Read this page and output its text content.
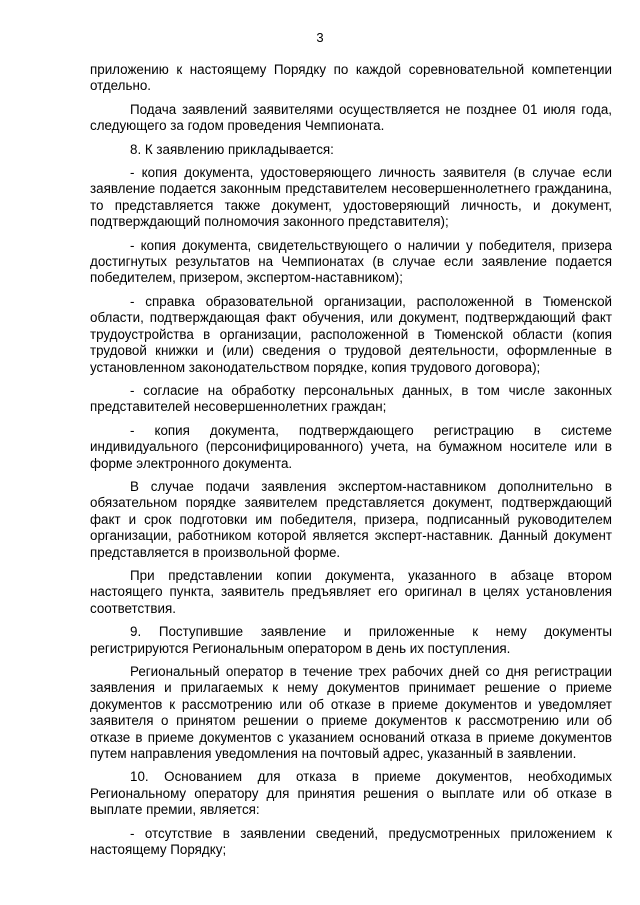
3

приложению к настоящему Порядку по каждой соревновательной компетенции отдельно.

Подача заявлений заявителями осуществляется не позднее 01 июля года, следующего за годом проведения Чемпионата.

8. К заявлению прикладывается:

- копия документа, удостоверяющего личность заявителя (в случае если заявление подается законным представителем несовершеннолетнего гражданина, то представляется также документ, удостоверяющий личность, и документ, подтверждающий полномочия законного представителя);

- копия документа, свидетельствующего о наличии у победителя, призера достигнутых результатов на Чемпионатах (в случае если заявление подается победителем, призером, экспертом-наставником);

- справка образовательной организации, расположенной в Тюменской области, подтверждающая факт обучения, или документ, подтверждающий факт трудоустройства в организации, расположенной в Тюменской области (копия трудовой книжки и (или) сведения о трудовой деятельности, оформленные в установленном законодательством порядке, копия трудового договора);

- согласие на обработку персональных данных, в том числе законных представителей несовершеннолетних граждан;

- копия документа, подтверждающего регистрацию в системе индивидуального (персонифицированного) учета, на бумажном носителе или в форме электронного документа.

В случае подачи заявления экспертом-наставником дополнительно в обязательном порядке заявителем представляется документ, подтверждающий факт и срок подготовки им победителя, призера, подписанный руководителем организации, работником которой является эксперт-наставник. Данный документ представляется в произвольной форме.

При представлении копии документа, указанного в абзаце втором настоящего пункта, заявитель предъявляет его оригинал в целях установления соответствия.

9. Поступившие заявление и приложенные к нему документы регистрируются Региональным оператором в день их поступления.

Региональный оператор в течение трех рабочих дней со дня регистрации заявления и прилагаемых к нему документов принимает решение о приеме документов к рассмотрению или об отказе в приеме документов и уведомляет заявителя о принятом решении о приеме документов к рассмотрению или об отказе в приеме документов с указанием оснований отказа в приеме документов путем направления уведомления на почтовый адрес, указанный в заявлении.

10. Основанием для отказа в приеме документов, необходимых Региональному оператору для принятия решения о выплате или об отказе в выплате премии, является:

- отсутствие в заявлении сведений, предусмотренных приложением к настоящему Порядку;
